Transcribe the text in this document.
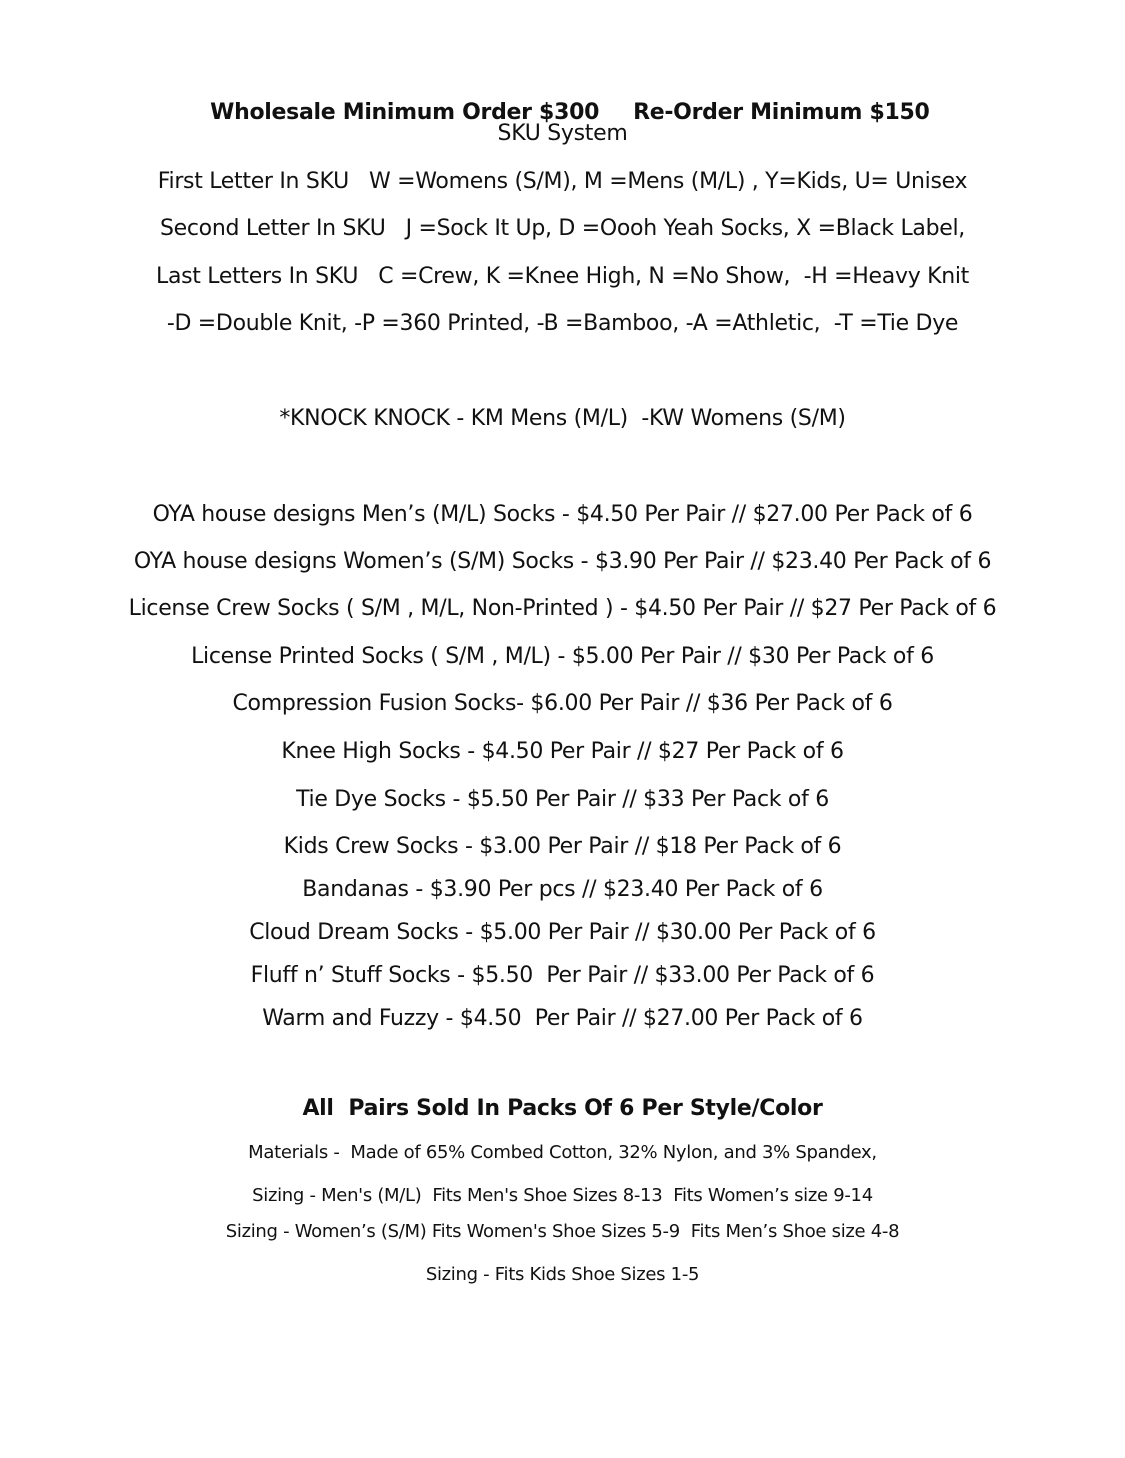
Wholesale Minimum Order $300 Re-Order Minimum $150

SKU System
First Letter In SKU   W =Womens (S/M), M =Mens (M/L) , Y=Kids, U= Unisex
Second Letter In SKU   J =Sock It Up, D =Oooh Yeah Socks, X =Black Label,
Last Letters In SKU   C =Crew, K =Knee High, N =No Show,  -H =Heavy Knit
-D =Double Knit, -P =360 Printed, -B =Bamboo, -A =Athletic,  -T =Tie Dye
*KNOCK KNOCK - KM Mens (M/L)  -KW Womens (S/M)
OYA house designs Men’s (M/L) Socks - $4.50 Per Pair // $27.00 Per Pack of 6
OYA house designs Women’s (S/M) Socks - $3.90 Per Pair // $23.40 Per Pack of 6
License Crew Socks ( S/M , M/L, Non-Printed ) - $4.50 Per Pair // $27 Per Pack of 6
License Printed Socks ( S/M , M/L) - $5.00 Per Pair // $30 Per Pack of 6
Compression Fusion Socks- $6.00 Per Pair // $36 Per Pack of 6
Knee High Socks - $4.50 Per Pair // $27 Per Pack of 6
Tie Dye Socks - $5.50 Per Pair // $33 Per Pack of 6
Kids Crew Socks - $3.00 Per Pair // $18 Per Pack of 6
Bandanas - $3.90 Per pcs // $23.40 Per Pack of 6
Cloud Dream Socks - $5.00 Per Pair // $30.00 Per Pack of 6
Fluff n’ Stuff Socks - $5.50  Per Pair // $33.00 Per Pack of 6
Warm and Fuzzy - $4.50  Per Pair // $27.00 Per Pack of 6
All  Pairs Sold In Packs Of 6 Per Style/Color
Materials -  Made of 65% Combed Cotton, 32% Nylon, and 3% Spandex,
Sizing - Men's (M/L)  Fits Men's Shoe Sizes 8-13  Fits Women’s size 9-14
Sizing - Women’s (S/M) Fits Women's Shoe Sizes 5-9  Fits Men’s Shoe size 4-8
Sizing - Fits Kids Shoe Sizes 1-5
